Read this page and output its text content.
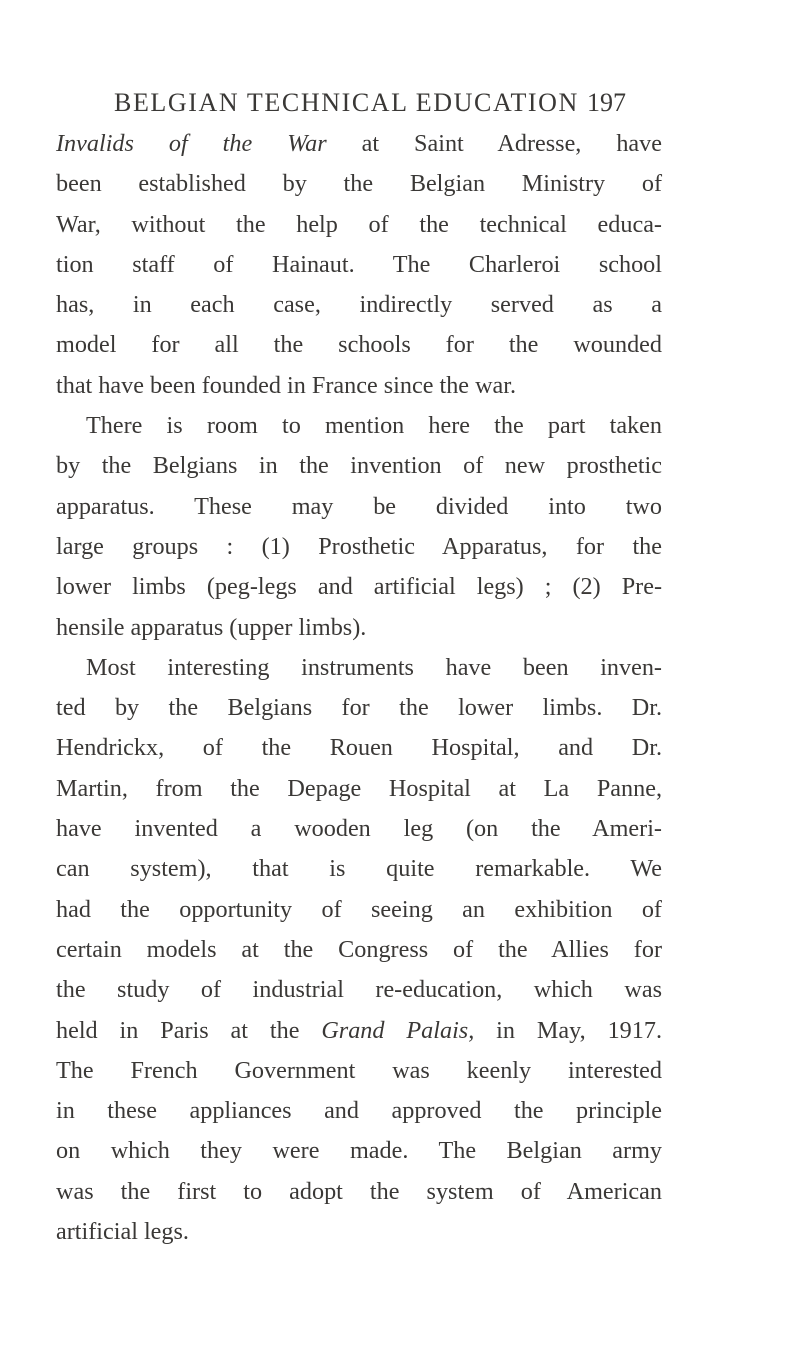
BELGIAN TECHNICAL EDUCATION 197
Invalids of the War at Saint Adresse, have
been established by the Belgian Ministry of
War, without the help of the technical educa-
tion staff of Hainaut. The Charleroi school
has, in each case, indirectly served as a
model for all the schools for the wounded
that have been founded in France since the war.
There is room to mention here the part taken
by the Belgians in the invention of new prosthetic
apparatus. These may be divided into two
large groups : (1) Prosthetic Apparatus, for the
lower limbs (peg-legs and artificial legs) ; (2) Pre-
hensile apparatus (upper limbs).
Most interesting instruments have been inven-
ted by the Belgians for the lower limbs. Dr.
Hendrickx, of the Rouen Hospital, and Dr.
Martin, from the Depage Hospital at La Panne,
have invented a wooden leg (on the Ameri-
can system), that is quite remarkable. We
had the opportunity of seeing an exhibition of
certain models at the Congress of the Allies for
the study of industrial re-education, which was
held in Paris at the Grand Palais, in May, 1917.
The French Government was keenly interested
in these appliances and approved the principle
on which they were made. The Belgian army
was the first to adopt the system of American
artificial legs.
